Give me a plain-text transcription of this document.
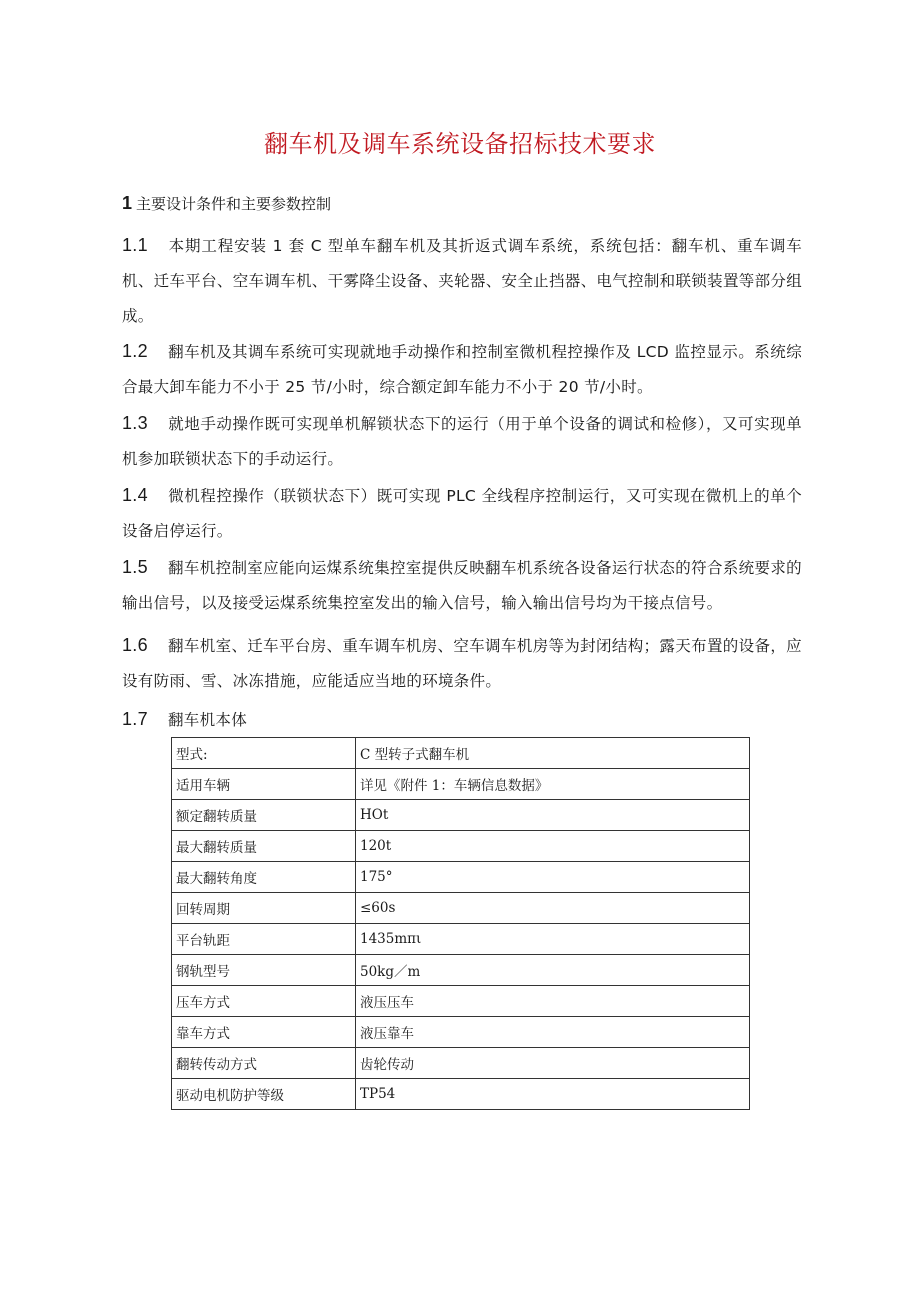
翻车机及调车系统设备招标技术要求
1 主要设计条件和主要参数控制
1.1 本期工程安装 1 套 C 型单车翻车机及其折返式调车系统，系统包括：翻车机、重车调车机、迁车平台、空车调车机、干雾降尘设备、夹轮器、安全止挡器、电气控制和联锁装置等部分组成。
1.2 翻车机及其调车系统可实现就地手动操作和控制室微机程控操作及 LCD 监控显示。系统综合最大卸车能力不小于 25 节/小时，综合额定卸车能力不小于 20 节/小时。
1.3 就地手动操作既可实现单机解锁状态下的运行（用于单个设备的调试和检修），又可实现单机参加联锁状态下的手动运行。
1.4 微机程控操作（联锁状态下）既可实现 PLC 全线程序控制运行，又可实现在微机上的单个设备启停运行。
1.5 翻车机控制室应能向运煤系统集控室提供反映翻车机系统各设备运行状态的符合系统要求的输出信号，以及接受运煤系统集控室发出的输入信号，输入输出信号均为干接点信号。
1.6 翻车机室、迁车平台房、重车调车机房、空车调车机房等为封闭结构；露天布置的设备，应设有防雨、雪、冰冻措施，应能适应当地的环境条件。
1.7 翻车机本体
型式:	C 型转子式翻车机
适用车辆	详见《附件 1：车辆信息数据》
额定翻转质量	HOt
最大翻转质量	120t
最大翻转角度	175°
回转周期	≤60s
平台轨距	1435mπι
钢轨型号	50kg／m
压车方式	液压压车
靠车方式	液压靠车
翻转传动方式	齿轮传动
驱动电机防护等级	TP54
